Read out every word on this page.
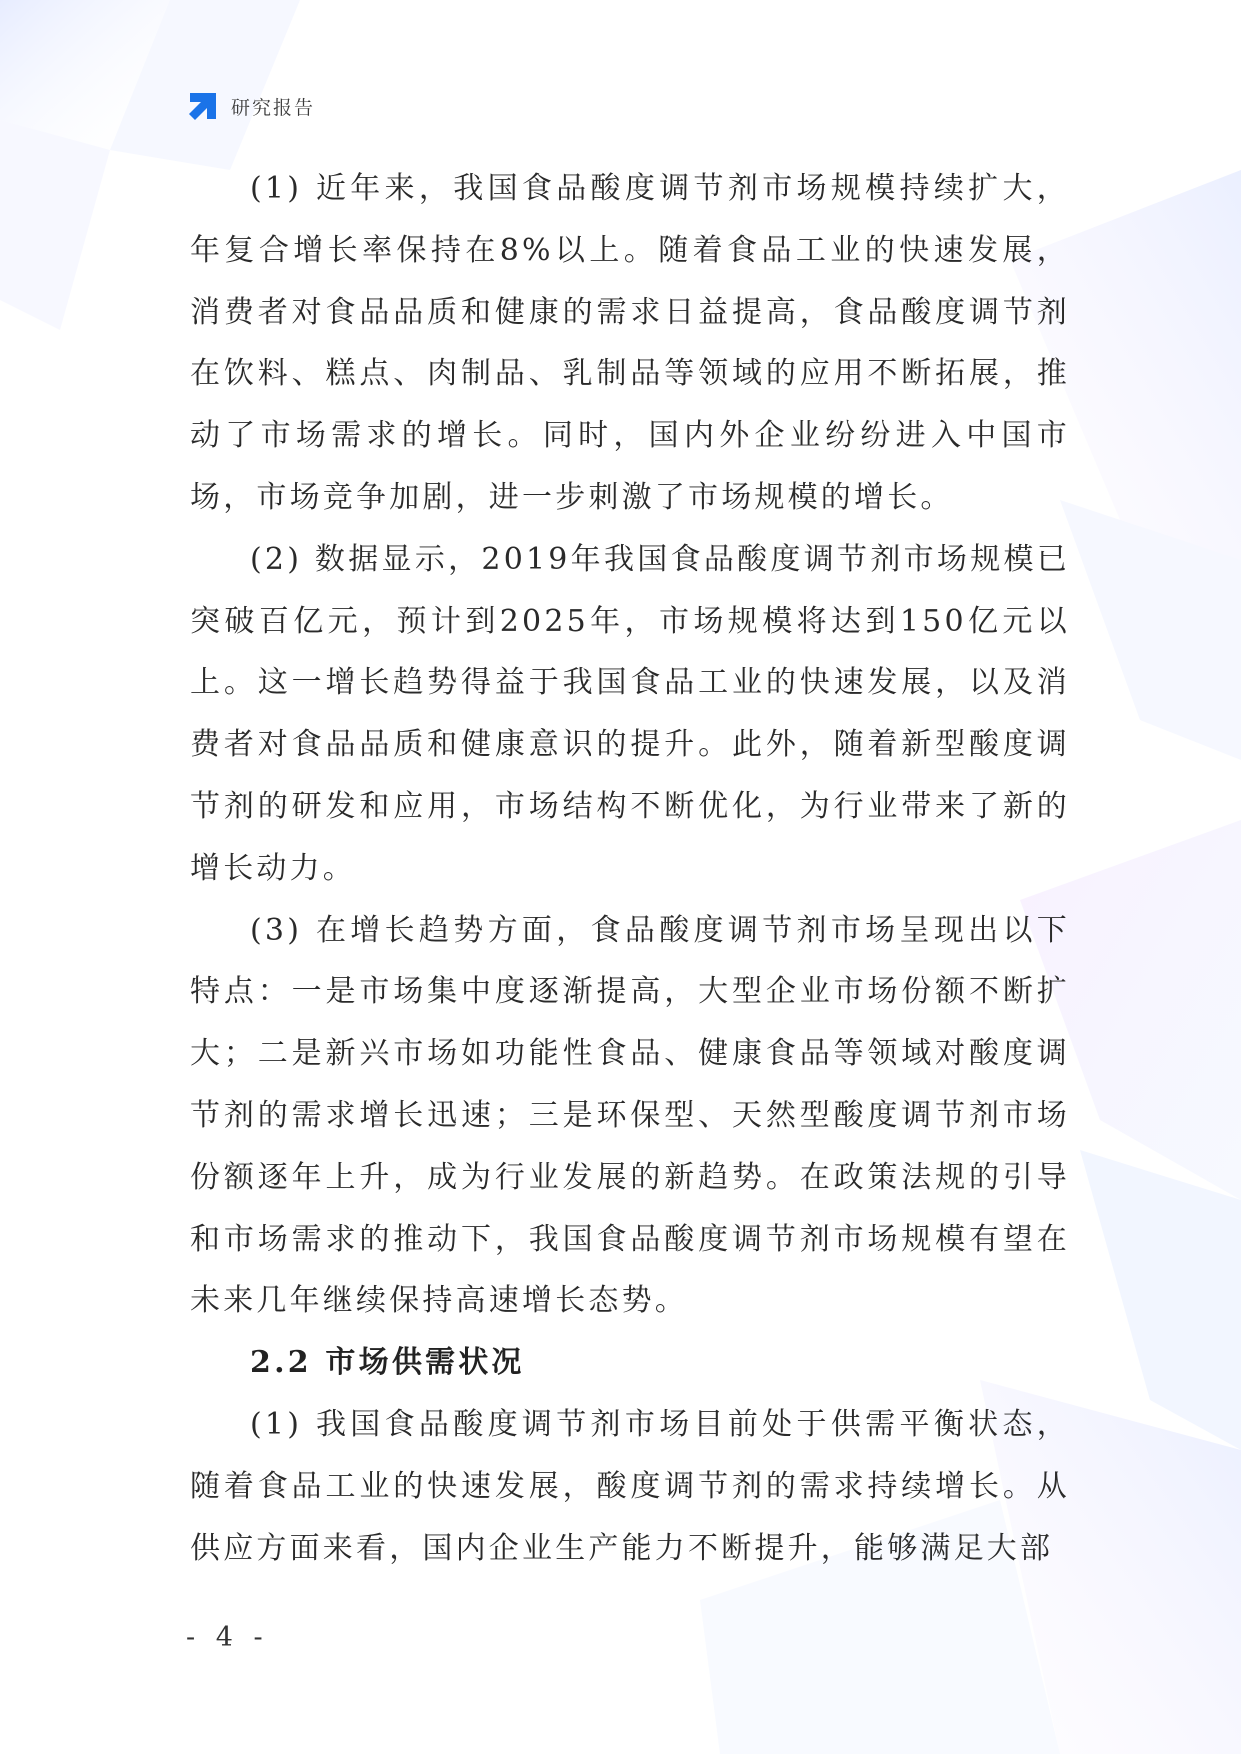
研究报告

(1) 近年来，我国食品酸度调节剂市场规模持续扩大，年复合增长率保持在8%以上。随着食品工业的快速发展，消费者对食品品质和健康的需求日益提高，食品酸度调节剂在饮料、糕点、肉制品、乳制品等领域的应用不断拓展，推动了市场需求的增长。同时，国内外企业纷纷进入中国市场，市场竞争加剧，进一步刺激了市场规模的增长。

(2) 数据显示，2019年我国食品酸度调节剂市场规模已突破百亿元，预计到2025年，市场规模将达到150亿元以上。这一增长趋势得益于我国食品工业的快速发展，以及消费者对食品品质和健康意识的提升。此外，随着新型酸度调节剂的研发和应用，市场结构不断优化，为行业带来了新的增长动力。

(3) 在增长趋势方面，食品酸度调节剂市场呈现出以下特点：一是市场集中度逐渐提高，大型企业市场份额不断扩大；二是新兴市场如功能性食品、健康食品等领域对酸度调节剂的需求增长迅速；三是环保型、天然型酸度调节剂市场份额逐年上升，成为行业发展的新趋势。在政策法规的引导和市场需求的推动下，我国食品酸度调节剂市场规模有望在未来几年继续保持高速增长态势。

2.2 市场供需状况

(1) 我国食品酸度调节剂市场目前处于供需平衡状态，随着食品工业的快速发展，酸度调节剂的需求持续增长。从供应方面来看，国内企业生产能力不断提升，能够满足大部

- 4 -
